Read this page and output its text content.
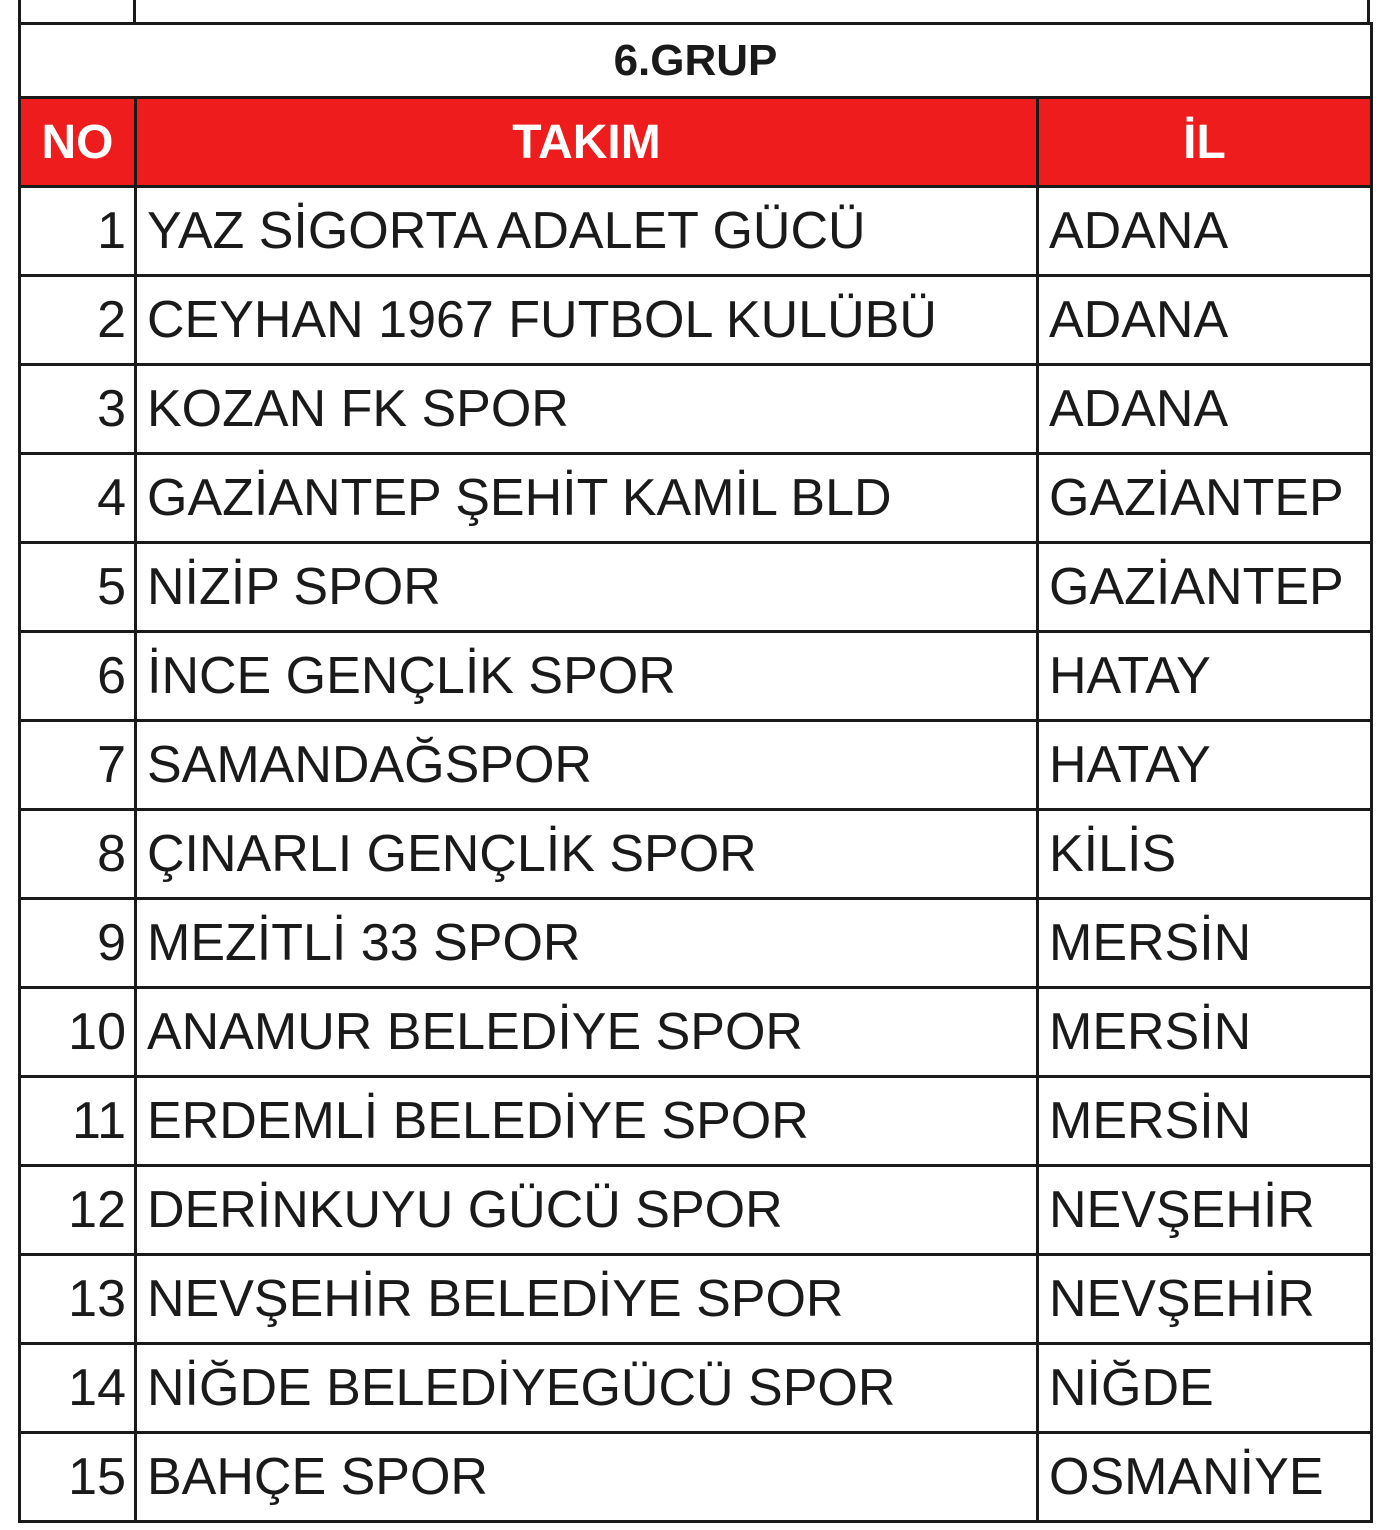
6.GRUP		
NO	TAKIM	İL
1	YAZ SİGORTA ADALET GÜCÜ	ADANA
2	CEYHAN 1967 FUTBOL KULÜBÜ	ADANA
3	KOZAN FK SPOR	ADANA
4	GAZİANTEP ŞEHİT KAMİL BLD	GAZİANTEP
5	NİZİP SPOR	GAZİANTEP
6	İNCE GENÇLİK SPOR	HATAY
7	SAMANDAĞSPOR	HATAY
8	ÇINARLI GENÇLİK SPOR	KİLİS
9	MEZİTLİ 33 SPOR	MERSİN
10	ANAMUR BELEDİYE SPOR	MERSİN
11	ERDEMLİ BELEDİYE SPOR	MERSİN
12	DERİNKUYU GÜCÜ SPOR	NEVŞEHİR
13	NEVŞEHİR BELEDİYE SPOR	NEVŞEHİR
14	NİĞDE BELEDİYEGÜCÜ SPOR	NİĞDE
15	BAHÇE SPOR	OSMANİYE
